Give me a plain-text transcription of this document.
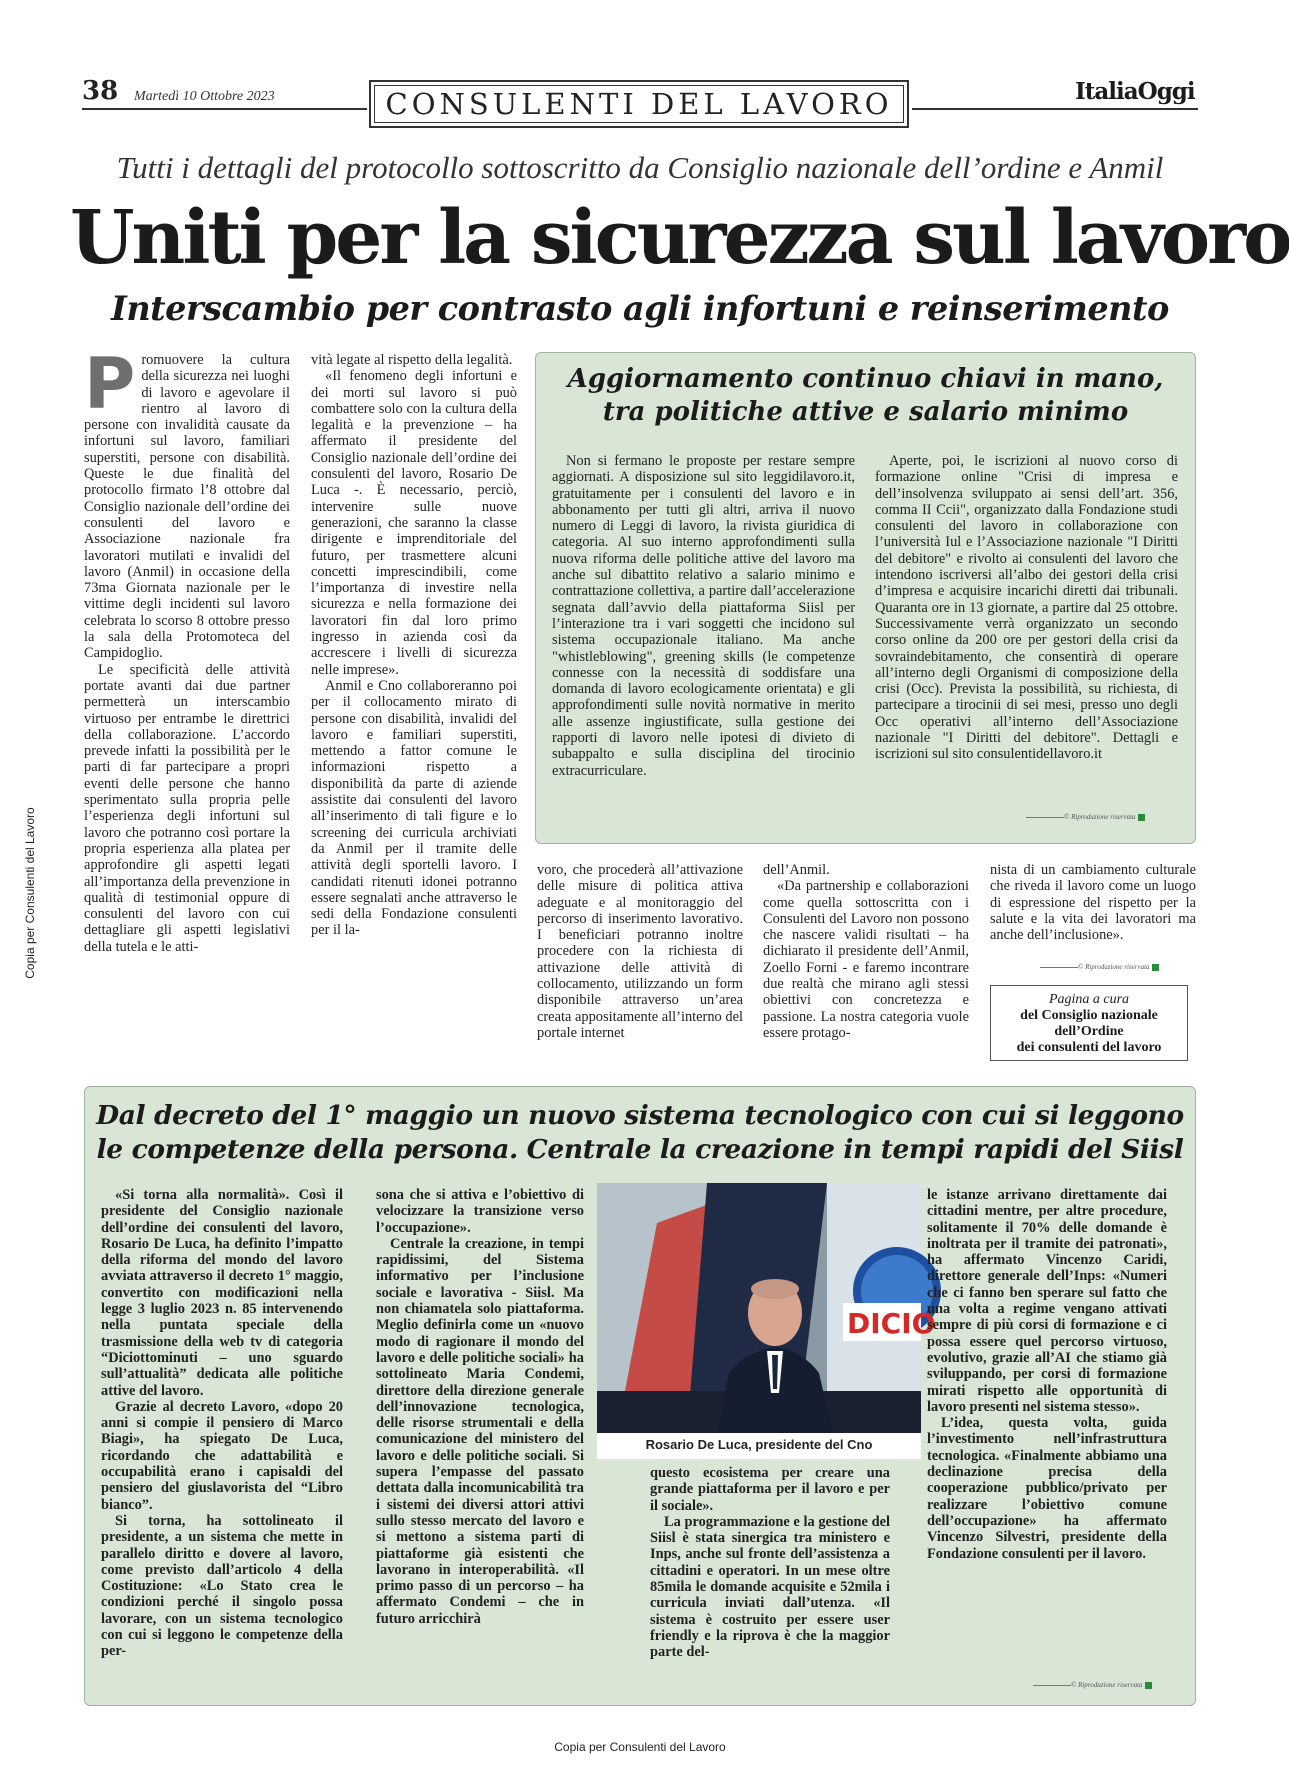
38 Martedì 10 Ottobre 2023	CONSULENTI DEL LAVORO	ItaliaOggi
Copia per Consulenti del Lavoro
Tutti i dettagli del protocollo sottoscritto da Consiglio nazionale dell’ordine e Anmil
Uniti per la sicurezza sul lavoro
Interscambio per contrasto agli infortuni e reinserimento
P romuovere la cultura della sicurezza nei luoghi di lavoro e agevolare il rientro al lavoro di persone con invalidità causate da infortuni sul lavoro, familiari superstiti, persone con disabilità. Queste le due finalità del protocollo firmato l’8 ottobre dal Consiglio nazionale dell’ordine dei consulenti del lavoro e Associazione nazionale fra lavoratori mutilati e invalidi del lavoro (Anmil) in occasione della 73ma Giornata nazionale per le vittime degli incidenti sul lavoro celebrata lo scorso 8 ottobre presso la sala della Protomoteca del Campidoglio.

Le specificità delle attività portate avanti dai due partner permetterà un interscambio virtuoso per entrambe le direttrici della collaborazione. L’accordo prevede infatti la possibilità per le parti di far partecipare a propri eventi delle persone che hanno sperimentato sulla propria pelle l’esperienza degli infortuni sul lavoro che potranno così portare la propria esperienza alla platea per approfondire gli aspetti legati all’importanza della prevenzione in qualità di testimonial oppure di consulenti del lavoro con cui dettagliare gli aspetti legislativi della tutela e le atti-

vità legate al rispetto della legalità.

«Il fenomeno degli infortuni e dei morti sul lavoro si può combattere solo con la cultura della legalità e la prevenzione – ha affermato il presidente del Consiglio nazionale dell’ordine dei consulenti del lavoro, Rosario De Luca -. È necessario, perciò, intervenire sulle nuove generazioni, che saranno la classe dirigente e imprenditoriale del futuro, per trasmettere alcuni concetti imprescindibili, come l’importanza di investire nella sicurezza e nella formazione dei lavoratori fin dal loro primo ingresso in azienda così da accrescere i livelli di sicurezza nelle imprese».

Anmil e Cno collaboreranno poi per il collocamento mirato di persone con disabilità, invalidi del lavoro e familiari superstiti, mettendo a fattor comune le informazioni rispetto a disponibilità da parte di aziende assistite dai consulenti del lavoro all’inserimento di tali figure e lo screening dei curricula archiviati da Anmil per il tramite delle attività degli sportelli lavoro. I candidati ritenuti idonei potranno essere segnalati anche attraverso le sedi della Fondazione consulenti per il la-

voro, che procederà all’attivazione delle misure di politica attiva adeguate e al monitoraggio del percorso di inserimento lavorativo. I beneficiari potranno inoltre procedere con la richiesta di attivazione delle attività di collocamento, utilizzando un form disponibile attraverso un’area creata appositamente all’interno del portale internet

dell’Anmil.

«Da partnership e collaborazioni come quella sottoscritta con i Consulenti del Lavoro non possono che nascere validi risultati – ha dichiarato il presidente dell’Anmil, Zoello Forni - e faremo incontrare due realtà che mirano agli stessi obiettivi con concretezza e passione. La nostra categoria vuole essere protago-

nista di un cambiamento culturale che riveda il lavoro come un luogo di espressione del rispetto per la salute e la vita dei lavoratori ma anche dell’inclusione».

© Riproduzione riservata
Pagina a cura
del Consiglio nazionale
dell’Ordine
dei consulenti del lavoro
Aggiornamento continuo chiavi in mano,
tra politiche attive e salario minimo

Non si fermano le proposte per restare sempre aggiornati. A disposizione sul sito leggidilavoro.it, gratuitamente per i consulenti del lavoro e in abbonamento per tutti gli altri, arriva il nuovo numero di Leggi di lavoro, la rivista giuridica di categoria. Al suo interno approfondimenti sulla nuova riforma delle politiche attive del lavoro ma anche sul dibattito relativo a salario minimo e contrattazione collettiva, a partire dall’accelerazione segnata dall’avvio della piattaforma Siisl per l’interazione tra i vari soggetti che incidono sul sistema occupazionale italiano. Ma anche "whistleblowing", greening skills (le competenze connesse con la necessità di soddisfare una domanda di lavoro ecologicamente orientata) e gli approfondimenti sulle novità normative in merito alle assenze ingiustificate, sulla gestione dei rapporti di lavoro nelle ipotesi di divieto di subappalto e sulla disciplina del tirocinio extracurriculare.

Aperte, poi, le iscrizioni al nuovo corso di formazione online "Crisi di impresa e dell’insolvenza sviluppato ai sensi dell’art. 356, comma II Ccii", organizzato dalla Fondazione studi consulenti del lavoro in collaborazione con l’università Iul e l’Associazione nazionale "I Diritti del debitore" e rivolto ai consulenti del lavoro che intendono iscriversi all’albo dei gestori della crisi d’impresa e acquisire incarichi diretti dai tribunali. Quaranta ore in 13 giornate, a partire dal 25 ottobre. Successivamente verrà organizzato un secondo corso online da 200 ore per gestori della crisi da sovraindebitamento, che consentirà di operare all’interno degli Organismi di composizione della crisi (Occ). Prevista la possibilità, su richiesta, di partecipare a tirocinii di sei mesi, presso uno degli Occ operativi all’interno dell’Associazione nazionale "I Diritti del debitore". Dettagli e iscrizioni sul sito consulentidellavoro.it

© Riproduzione riservata
Dal decreto del 1° maggio un nuovo sistema tecnologico con cui si leggono
le competenze della persona. Centrale la creazione in tempi rapidi del Siisl

«Si torna alla normalità». Così il presidente del Consiglio nazionale dell’ordine dei consulenti del lavoro, Rosario De Luca, ha definito l’impatto della riforma del mondo del lavoro avviata attraverso il decreto 1° maggio, convertito con modificazioni nella legge 3 luglio 2023 n. 85 intervenendo nella puntata speciale della trasmissione della web tv di categoria “Diciottominuti – uno sguardo sull’attualità” dedicata alle politiche attive del lavoro.

Grazie al decreto Lavoro, «dopo 20 anni si compie il pensiero di Marco Biagi», ha spiegato De Luca, ricordando che adattabilità e occupabilità erano i capisaldi del pensiero del giuslavorista del “Libro bianco”.

Si torna, ha sottolineato il presidente, a un sistema che mette in parallelo diritto e dovere al lavoro, come previsto dall’articolo 4 della Costituzione: «Lo Stato crea le condizioni perché il singolo possa lavorare, con un sistema tecnologico con cui si leggono le competenze della per-

sona che si attiva e l’obiettivo di velocizzare la transizione verso l’occupazione».

Centrale la creazione, in tempi rapidissimi, del Sistema informativo per l’inclusione sociale e lavorativa - Siisl. Ma non chiamatela solo piattaforma. Meglio definirla come un «nuovo modo di ragionare il mondo del lavoro e delle politiche sociali» ha sottolineato Maria Condemi, direttore della direzione generale dell’innovazione tecnologica, delle risorse strumentali e della comunicazione del ministero del lavoro e delle politiche sociali. Si supera l’empasse del passato dettata dalla incomunicabilità tra i sistemi dei diversi attori attivi sullo stesso mercato del lavoro e si mettono a sistema parti di piattaforme già esistenti che lavorano in interoperabilità. «Il primo passo di un percorso – ha affermato Condemi – che in futuro arricchirà

DICIO
Rosario De Luca, presidente del Cno

questo ecosistema per creare una grande piattaforma per il lavoro e per il sociale».

La programmazione e la gestione del Siisl è stata sinergica tra ministero e Inps, anche sul fronte dell’assistenza a cittadini e operatori. In un mese oltre 85mila le domande acquisite e 52mila i curricula inviati dall’utenza. «Il sistema è costruito per essere user friendly e la riprova è che la maggior parte del-

le istanze arrivano direttamente dai cittadini mentre, per altre procedure, solitamente il 70% delle domande è inoltrata per il tramite dei patronati», ha affermato Vincenzo Caridi, direttore generale dell’Inps: «Numeri che ci fanno ben sperare sul fatto che una volta a regime vengano attivati sempre di più corsi di formazione e ci possa essere quel percorso virtuoso, evolutivo, grazie all’AI che stiamo già sviluppando, per corsi di formazione mirati rispetto alle opportunità di lavoro presenti nel sistema stesso».

L’idea, questa volta, guida l’investimento nell’infrastruttura tecnologica. «Finalmente abbiamo una declinazione precisa della cooperazione pubblico/privato per realizzare l’obiettivo comune dell’occupazione» ha affermato Vincenzo Silvestri, presidente della Fondazione consulenti per il lavoro.

© Riproduzione riservata
Copia per Consulenti del Lavoro
